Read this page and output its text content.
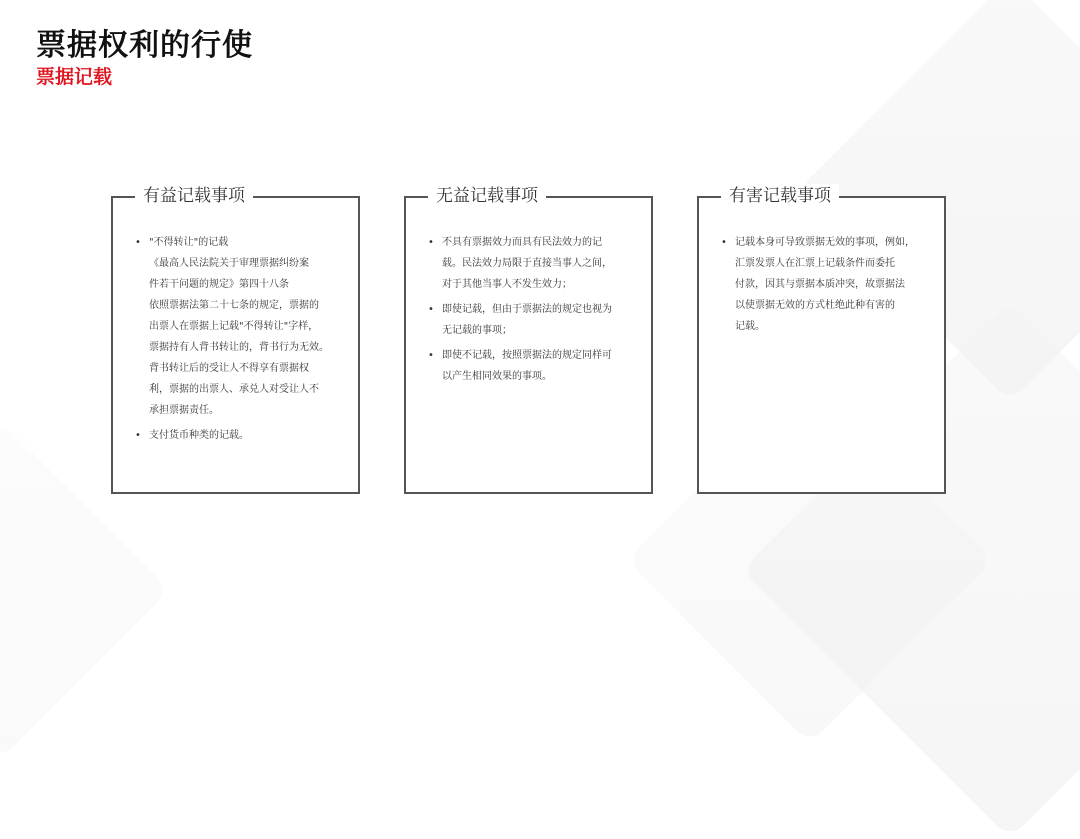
票据权利的行使
票据记载
有益记载事项
• "不得转让"的记载
《最高人民法院关于审理票据纠纷案
件若干问题的规定》第四十八条
依照票据法第二十七条的规定，票据的
出票人在票据上记载"不得转让"字样，
票据持有人背书转让的，背书行为无效。
背书转让后的受让人不得享有票据权
利，票据的出票人、承兑人对受让人不
承担票据责任。
• 支付货币种类的记载。
无益记载事项
• 不具有票据效力而具有民法效力的记
载。民法效力局限于直接当事人之间，
对于其他当事人不发生效力；
• 即使记载，但由于票据法的规定也视为
无记载的事项；
• 即使不记载，按照票据法的规定同样可
以产生相同效果的事项。
有害记载事项
• 记载本身可导致票据无效的事项，例如，
汇票发票人在汇票上记载条件而委托
付款，因其与票据本质冲突，故票据法
以使票据无效的方式杜绝此种有害的
记载。
